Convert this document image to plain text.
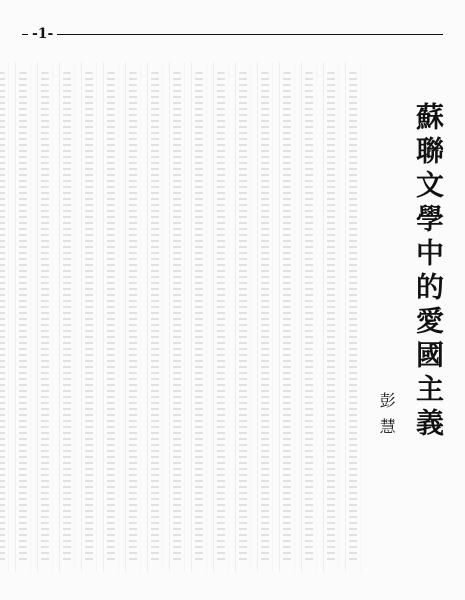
-1-
蘇聯文學中的愛國主義
彭慧
